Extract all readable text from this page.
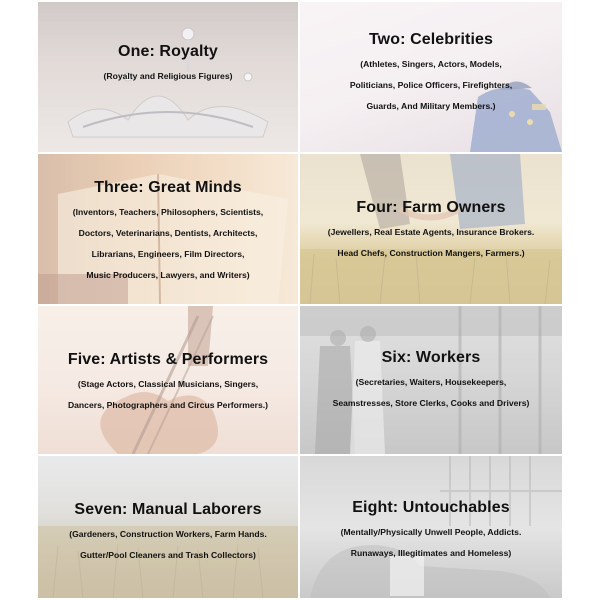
One: Royalty
(Royalty and Religious Figures)
Two: Celebrities
(Athletes, Singers, Actors, Models,
Politicians, Police Officers, Firefighters,
Guards, And Military Members.)
Three: Great Minds
(Inventors, Teachers, Philosophers, Scientists,
Doctors, Veterinarians, Dentists, Architects,
Librarians, Engineers, Film Directors,
Music Producers, Lawyers, and Writers)
Four: Farm Owners
(Jewellers, Real Estate Agents, Insurance Brokers.
Head Chefs, Construction Mangers, Farmers.)
Five: Artists & Performers
(Stage Actors, Classical Musicians, Singers,
Dancers, Photographers and Circus Performers.)
Six: Workers
(Secretaries, Waiters, Housekeepers,
Seamstresses, Store Clerks, Cooks and Drivers)
Seven: Manual Laborers
(Gardeners, Construction Workers, Farm Hands.
Gutter/Pool Cleaners and Trash Collectors)
Eight: Untouchables
(Mentally/Physically Unwell People, Addicts.
Runaways, Illegitimates and Homeless)
